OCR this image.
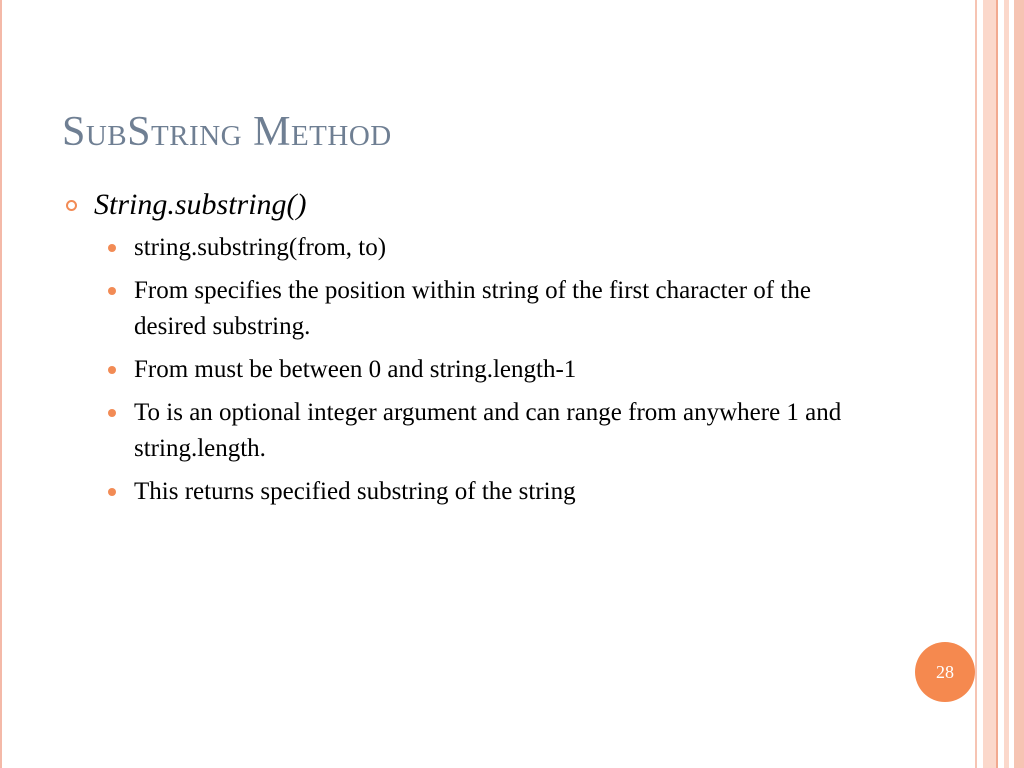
SubString Method
String.substring()
string.substring(from, to)
From specifies the position within string of the first character of the desired substring.
From must be between 0 and string.length-1
To is an optional integer argument and can range from anywhere 1 and string.length.
This returns specified substring of the string
28
